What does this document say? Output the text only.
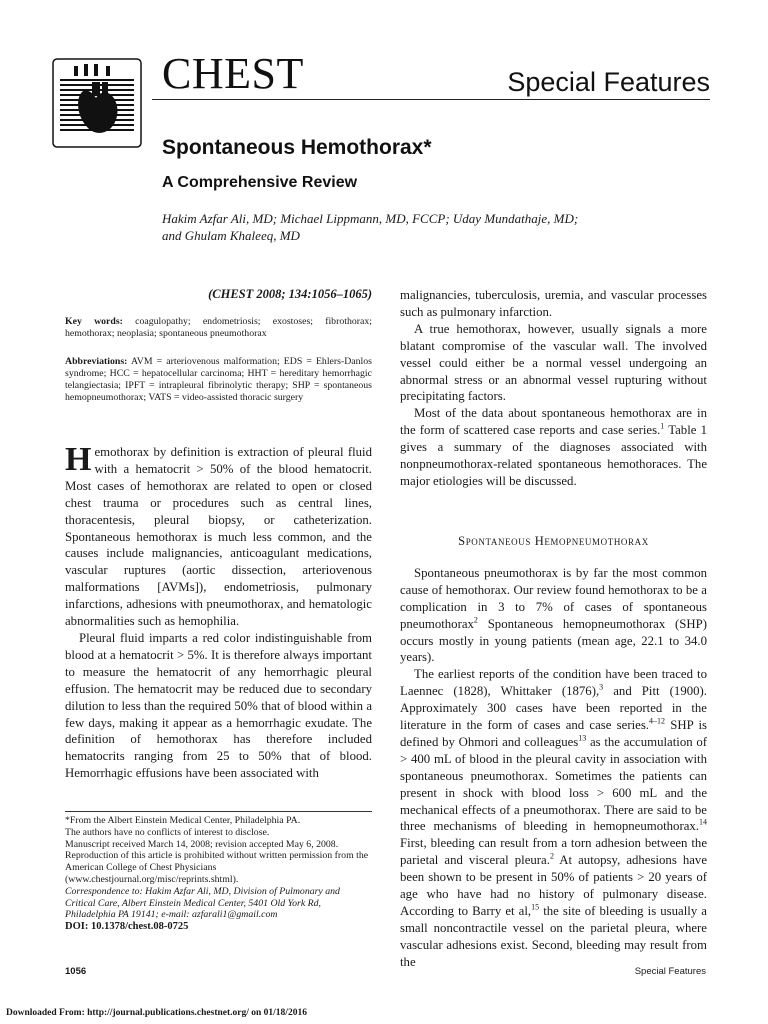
CHEST	Special Features
Spontaneous Hemothorax*
A Comprehensive Review
Hakim Azfar Ali, MD; Michael Lippmann, MD, FCCP; Uday Mundathaje, MD;
and Ghulam Khaleeq, MD

(CHEST 2008; 134:1056–1065)

Key words: coagulopathy; endometriosis; exostoses; fibrothorax; hemothorax; neoplasia; spontaneous pneumothorax

Abbreviations: AVM = arteriovenous malformation; EDS = Ehlers-Danlos syndrome; HCC = hepatocellular carcinoma; HHT = hereditary hemorrhagic telangiectasia; IPFT = intrapleural fibrinolytic therapy; SHP = spontaneous hemopneumothorax; VATS = video-assisted thoracic surgery

Hemothorax by definition is extraction of pleural fluid with a hematocrit > 50% of the blood hematocrit. Most cases of hemothorax are related to open or closed chest trauma or procedures such as central lines, thoracentesis, pleural biopsy, or catheterization. Spontaneous hemothorax is much less common, and the causes include malignancies, anticoagulant medications, vascular ruptures (aortic dissection, arteriovenous malformations [AVMs]), endometriosis, pulmonary infarctions, adhesions with pneumothorax, and hematologic abnormalities such as hemophilia.

Pleural fluid imparts a red color indistinguishable from blood at a hematocrit > 5%. It is therefore always important to measure the hematocrit of any hemorrhagic pleural effusion. The hematocrit may be reduced due to secondary dilution to less than the required 50% that of blood within a few days, making it appear as a hemorrhagic exudate. The definition of hemothorax has therefore included hematocrits ranging from 25 to 50% that of blood. Hemorrhagic effusions have been associated with

*From the Albert Einstein Medical Center, Philadelphia PA.

The authors have no conflicts of interest to disclose.

Manuscript received March 14, 2008; revision accepted May 6, 2008.

Reproduction of this article is prohibited without written permission from the American College of Chest Physicians (www.chestjournal.org/misc/reprints.shtml).

Correspondence to: Hakim Azfar Ali, MD, Division of Pulmonary and Critical Care, Albert Einstein Medical Center, 5401 Old York Rd, Philadelphia PA 19141; e-mail: azfarali1@gmail.com

DOI: 10.1378/chest.08-0725

malignancies, tuberculosis, uremia, and vascular processes such as pulmonary infarction.

A true hemothorax, however, usually signals a more blatant compromise of the vascular wall. The involved vessel could either be a normal vessel undergoing an abnormal stress or an abnormal vessel rupturing without precipitating factors.

Most of the data about spontaneous hemothorax are in the form of scattered case reports and case series.$^1$ Table 1 gives a summary of the diagnoses associated with nonpneumothorax-related spontaneous hemothoraces. The major etiologies will be discussed.

Spontaneous Hemopneumothorax

Spontaneous pneumothorax is by far the most common cause of hemothorax. Our review found hemothorax to be a complication in 3 to 7% of cases of spontaneous pneumothorax$^2$ Spontaneous hemopneumothorax (SHP) occurs mostly in young patients (mean age, 22.1 to 34.0 years).

The earliest reports of the condition have been traced to Laennec (1828), Whittaker (1876),$^3$ and Pitt (1900). Approximately 300 cases have been reported in the literature in the form of cases and case series.$^{4-12}$ SHP is defined by Ohmori and colleagues$^{13}$ as the accumulation of > 400 mL of blood in the pleural cavity in association with spontaneous pneumothorax. Sometimes the patients can present in shock with blood loss > 600 mL and the mechanical effects of a pneumothorax. There are said to be three mechanisms of bleeding in hemopneumothorax.$^{14}$ First, bleeding can result from a torn adhesion between the parietal and visceral pleura.$^2$ At autopsy, adhesions have been shown to be present in 50% of patients > 20 years of age who have had no history of pulmonary disease. According to Barry et al,$^{15}$ the site of bleeding is usually a small noncontractile vessel on the parietal pleura, where vascular adhesions exist. Second, bleeding may result from the

1056	Special Features
Downloaded From: http://journal.publications.chestnet.org/ on 01/18/2016
